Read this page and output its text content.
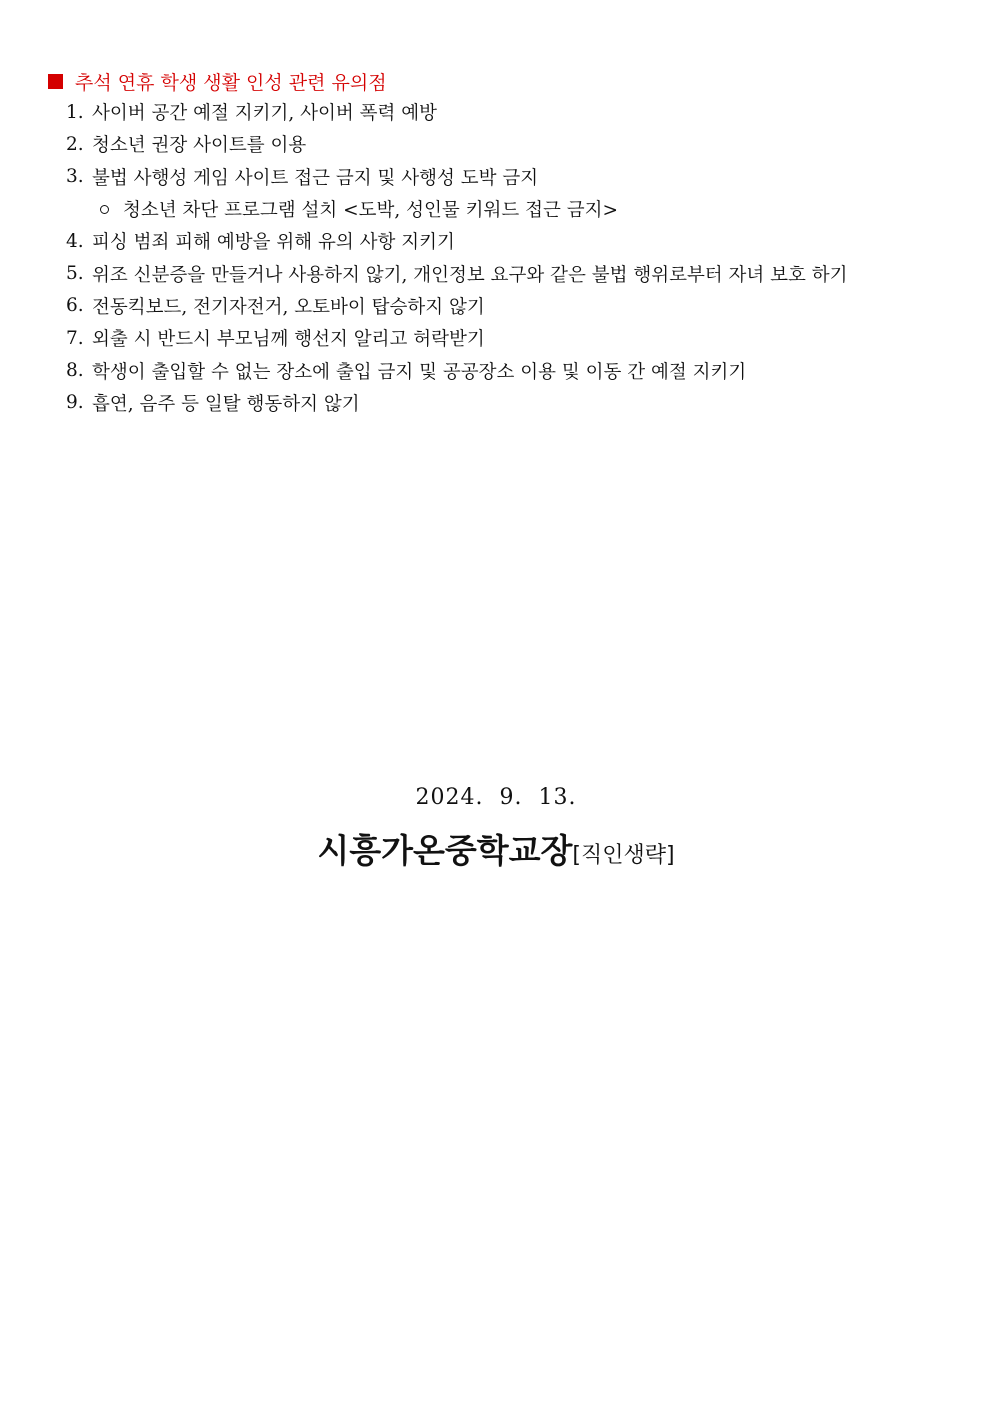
추석 연휴 학생 생활 인성 관련 유의점
1. 사이버 공간 예절 지키기, 사이버 폭력 예방
2. 청소년 권장 사이트를 이용
3. 불법 사행성 게임 사이트 접근 금지 및 사행성 도박 금지
청소년 차단 프로그램 설치 <도박, 성인물 키워드 접근 금지>
4. 피싱 범죄 피해 예방을 위해 유의 사항 지키기
5. 위조 신분증을 만들거나 사용하지 않기, 개인정보 요구와 같은 불법 행위로부터 자녀 보호 하기
6. 전동킥보드, 전기자전거, 오토바이 탑승하지 않기
7. 외출 시 반드시 부모님께 행선지 알리고 허락받기
8. 학생이 출입할 수 없는 장소에 출입 금지 및 공공장소 이용 및 이동 간 예절 지키기
9. 흡연, 음주 등 일탈 행동하지 않기
2024.  9.  13.
시흥가온중학교장[직인생략]
